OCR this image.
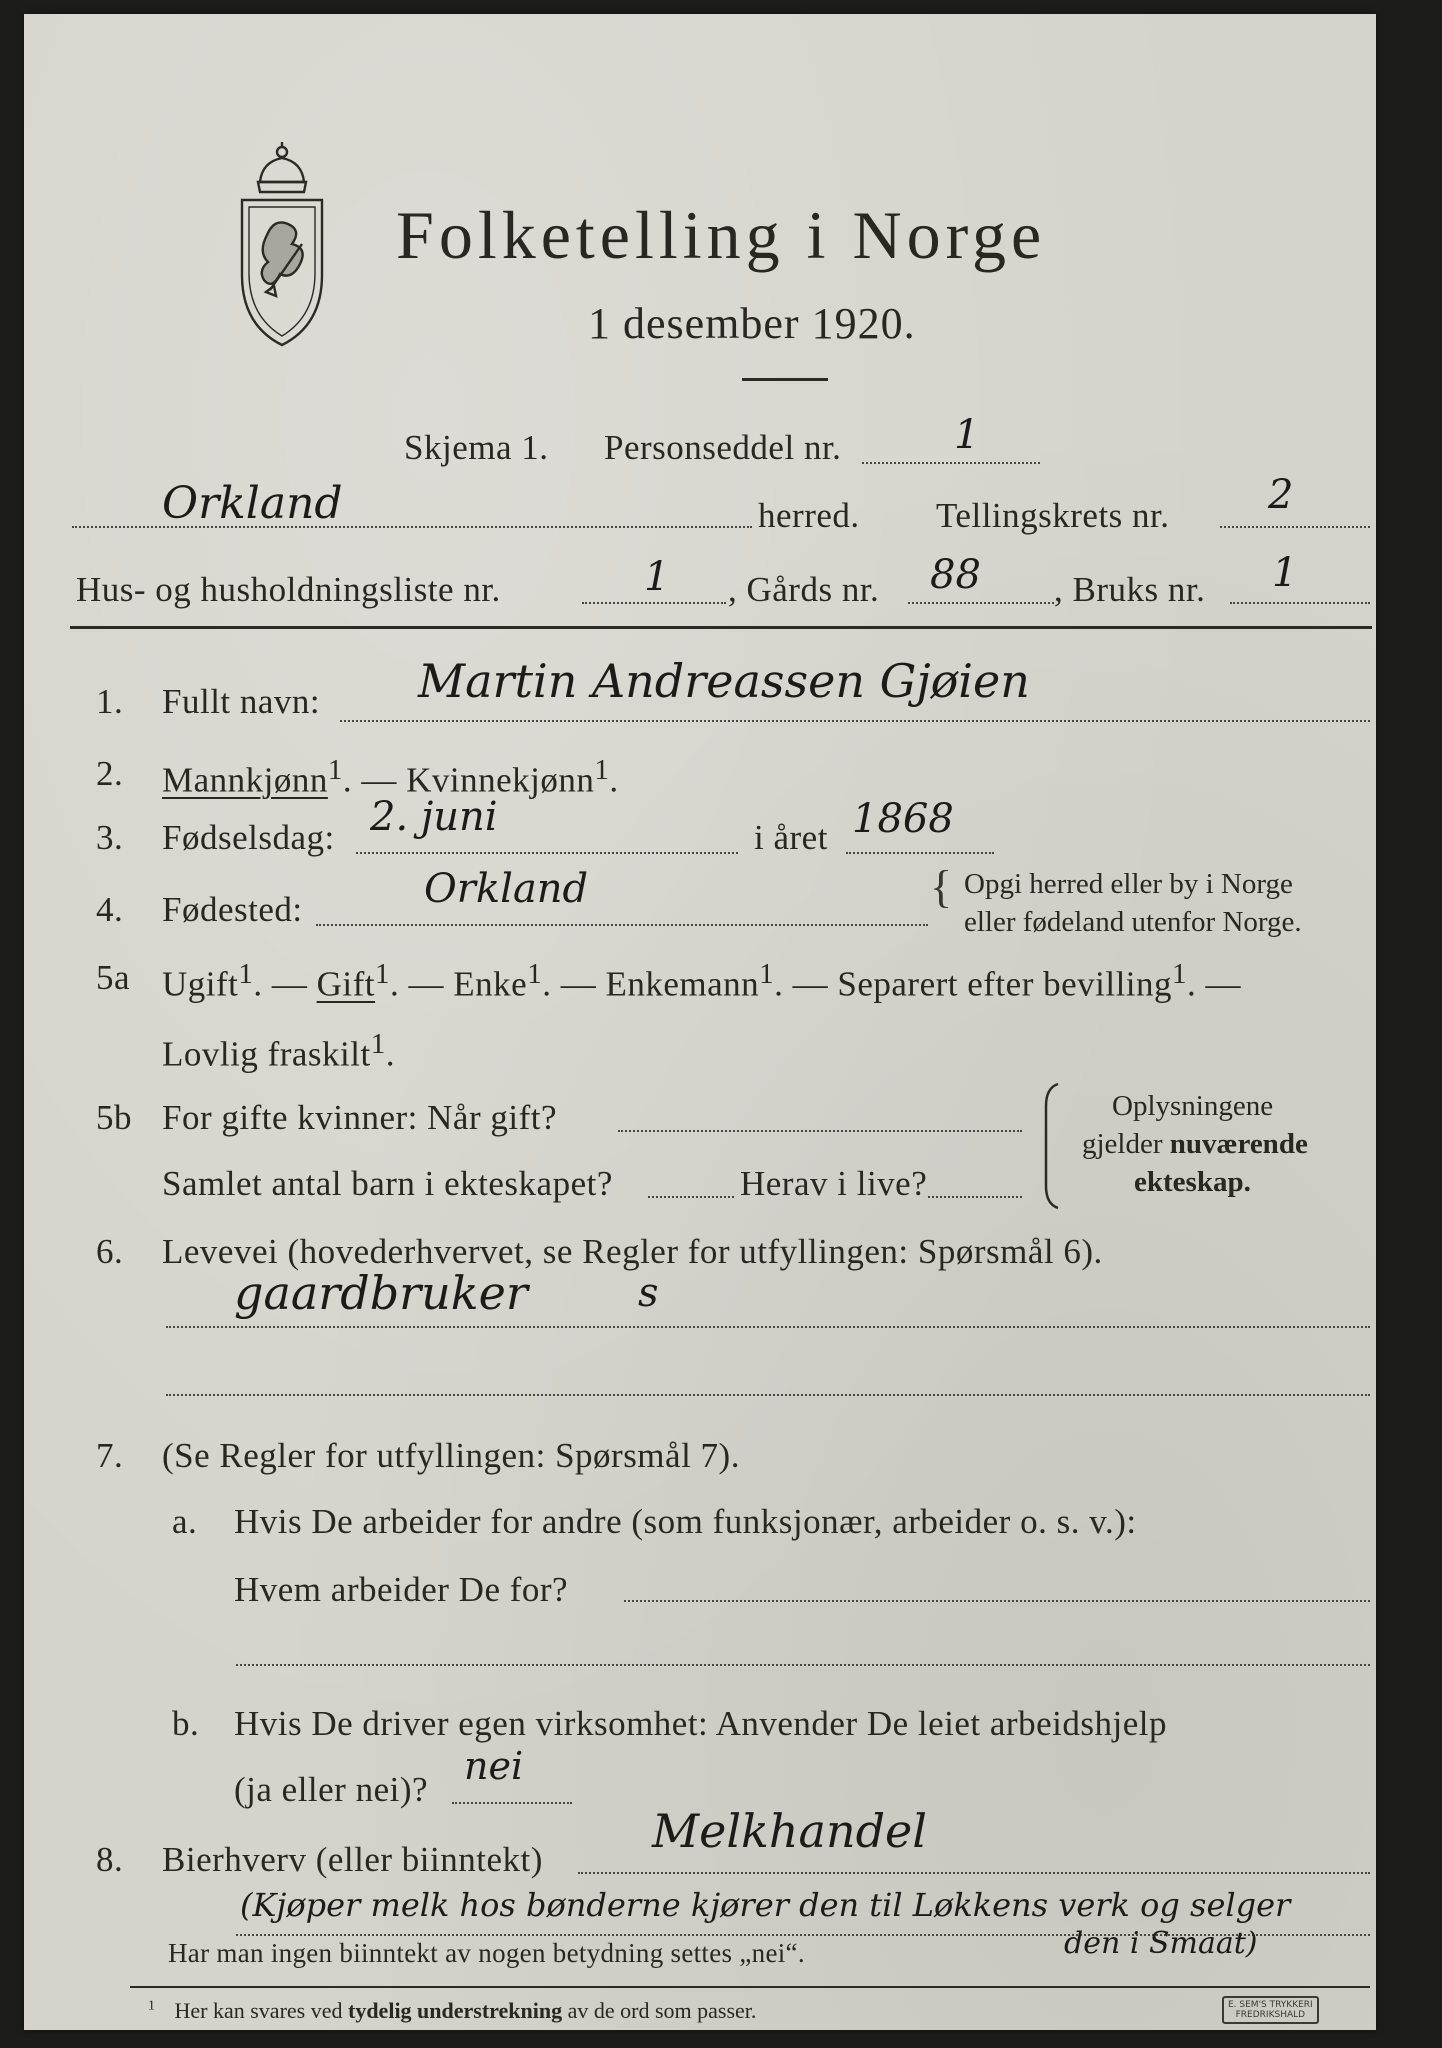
Folketelling i Norge
1 desember 1920.
Skjema 1. Personseddel nr.	1
Orkland	herred. Tellingskrets nr. 2
Hus- og husholdningsliste nr.	1 , Gårds nr. 88 , Bruks nr. 1
1. Fullt navn: Martin Andreassen Gjøien
2. Mannkjønn$^1$. — Kvinnekjønn$^1$.
3. Fødselsdag: 2. juni	i året 1868
4. Fødested:	Orkland	{ Opgi herred eller by i Norge
eller fødeland utenfor Norge.
5a Ugift$^1$. — Gift$^1$. — Enke$^1$. — Enkemann$^1$. — Separert efter bevilling$^1$. —
Lovlig fraskilt$^1$.
5b For gifte kvinner: Når gift?
Samlet antal barn i ekteskapet?	Herav i live?
Oplysningene
gjelder nuværende
ekteskap.
6. Levevei (hovederhvervet, se Regler for utfyllingen: Spørsmål 6).
gaardbruker	s
7. (Se Regler for utfyllingen: Spørsmål 7).
a. Hvis De arbeider for andre (som funksjonær, arbeider o. s. v.):
Hvem arbeider De for?
b. Hvis De driver egen virksomhet: Anvender De leiet arbeidshjelp
(ja eller nei)?
nei
8. Bierhverv (eller biinntekt)
Melkhandel
(Kjøper melk hos bønderne kjører den til Løkkens verk og selger
Har man ingen biinntekt av nogen betydning settes „nei“.	den i Smaat)
$^1$ Her kan svares ved tydelig understrekning av de ord som passer.	E. SEM'S TRYKKERI
FREDRIKSHALD
